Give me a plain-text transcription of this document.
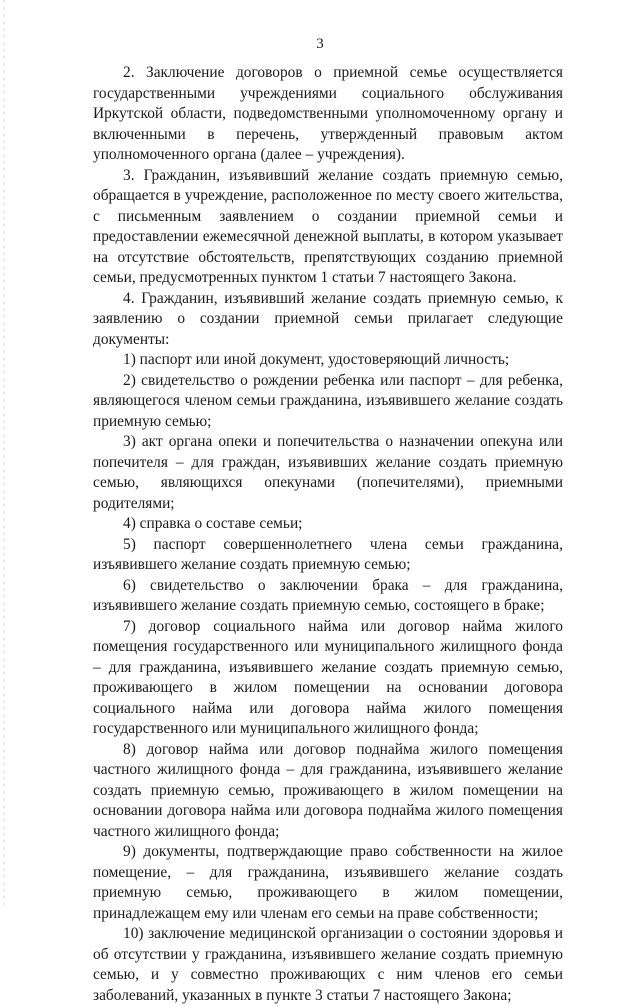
3

2. Заключение договоров о приемной семье осуществляется государственными учреждениями социального обслуживания Иркутской области, подведомственными уполномоченному органу и включенными в перечень, утвержденный правовым актом уполномоченного органа (далее – учреждения).

3. Гражданин, изъявивший желание создать приемную семью, обращается в учреждение, расположенное по месту своего жительства, с письменным заявлением о создании приемной семьи и предоставлении ежемесячной денежной выплаты, в котором указывает на отсутствие обстоятельств, препятствующих созданию приемной семьи, предусмотренных пунктом 1 статьи 7 настоящего Закона.

4. Гражданин, изъявивший желание создать приемную семью, к заявлению о создании приемной семьи прилагает следующие документы:

1) паспорт или иной документ, удостоверяющий личность;

2) свидетельство о рождении ребенка или паспорт – для ребенка, являющегося членом семьи гражданина, изъявившего желание создать приемную семью;

3) акт органа опеки и попечительства о назначении опекуна или попечителя – для граждан, изъявивших желание создать приемную семью, являющихся опекунами (попечителями), приемными родителями;

4) справка о составе семьи;

5) паспорт совершеннолетнего члена семьи гражданина, изъявившего желание создать приемную семью;

6) свидетельство о заключении брака – для гражданина, изъявившего желание создать приемную семью, состоящего в браке;

7) договор социального найма или договор найма жилого помещения государственного или муниципального жилищного фонда – для гражданина, изъявившего желание создать приемную семью, проживающего в жилом помещении на основании договора социального найма или договора найма жилого помещения государственного или муниципального жилищного фонда;

8) договор найма или договор поднайма жилого помещения частного жилищного фонда – для гражданина, изъявившего желание создать приемную семью, проживающего в жилом помещении на основании договора найма или договора поднайма жилого помещения частного жилищного фонда;

9) документы, подтверждающие право собственности на жилое помещение, – для гражданина, изъявившего желание создать приемную семью, проживающего в жилом помещении, принадлежащем ему или членам его семьи на праве собственности;

10) заключение медицинской организации о состоянии здоровья и об отсутствии у гражданина, изъявившего желание создать приемную семью, и у совместно проживающих с ним членов его семьи заболеваний, указанных в пункте 3 статьи 7 настоящего Закона;
